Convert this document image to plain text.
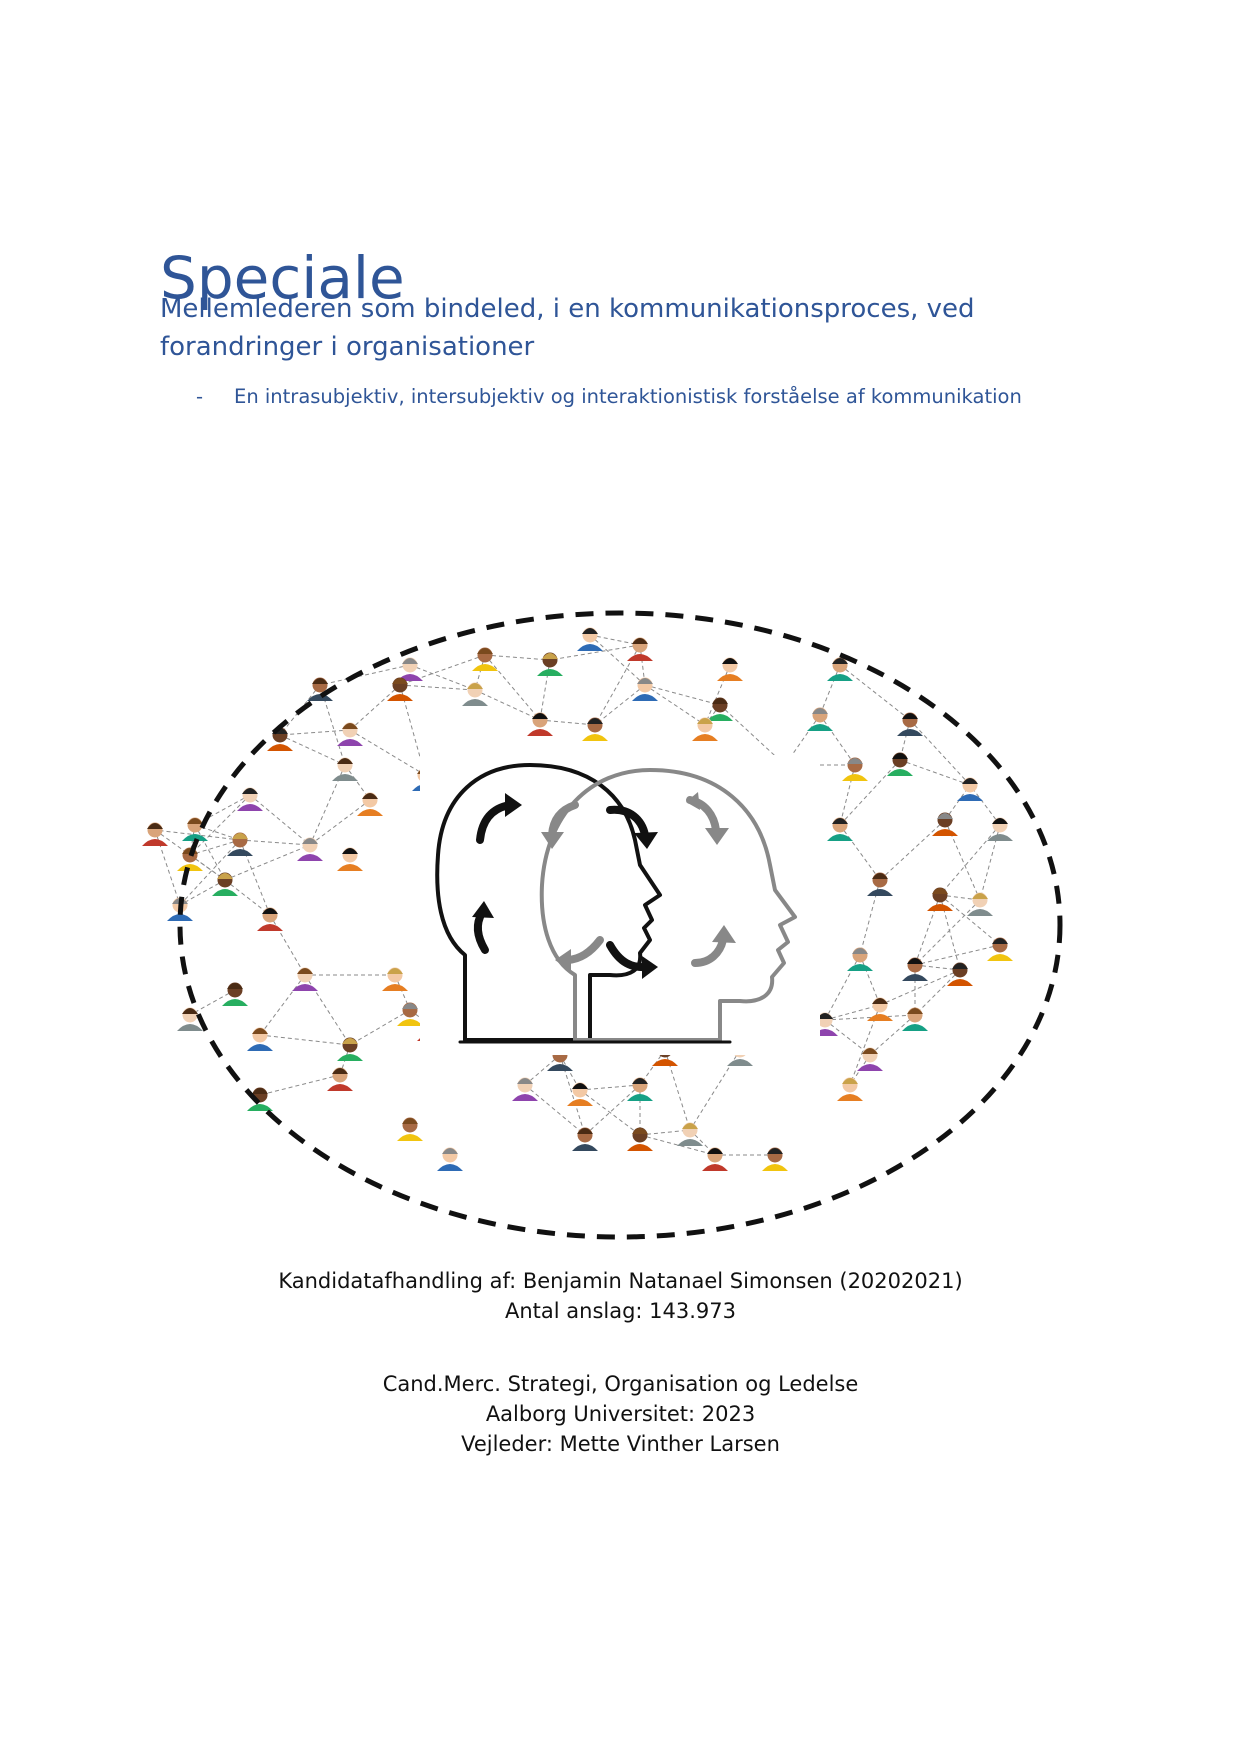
Speciale
Mellemlederen som bindeled, i en kommunikationsproces, ved forandringer i organisationer
-	En intrasubjektiv, intersubjektiv og interaktionistisk forståelse af kommunikation
Kandidatafhandling af: Benjamin Natanael Simonsen (20202021)
Antal anslag: 143.973
Cand.Merc. Strategi, Organisation og Ledelse
Aalborg Universitet: 2023
Vejleder: Mette Vinther Larsen
